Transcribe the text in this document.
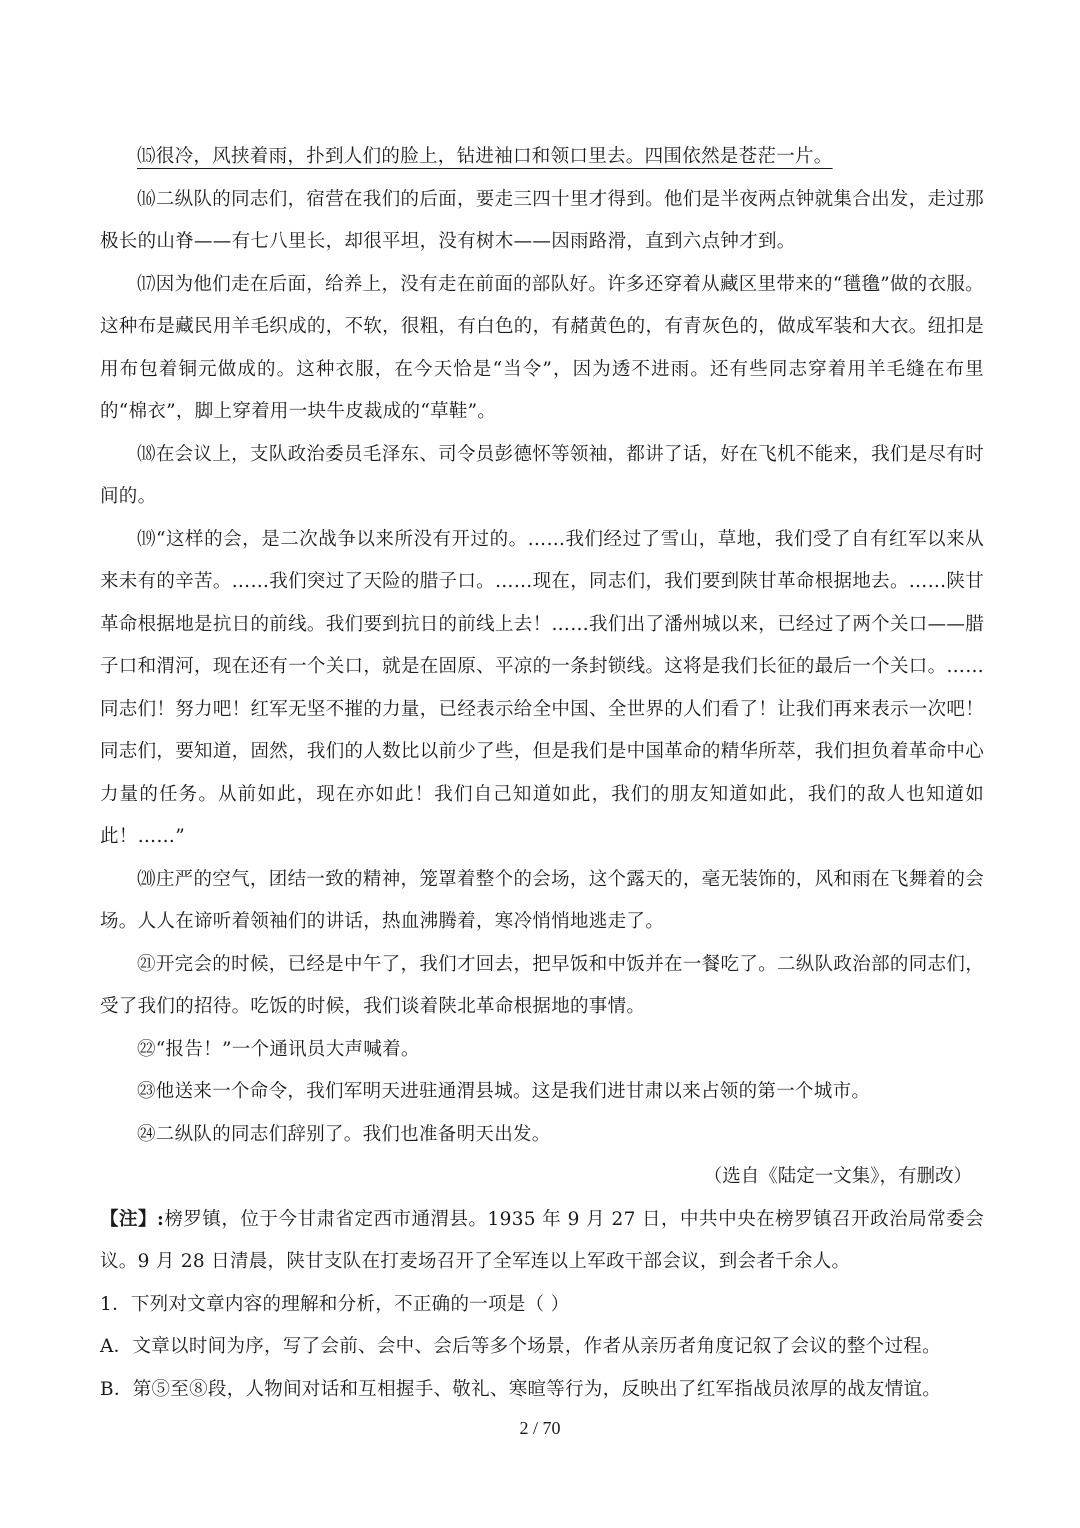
⒂很冷，风挟着雨，扑到人们的脸上，钻进袖口和领口里去。四围依然是苍茫一片。

⒃二纵队的同志们，宿营在我们的后面，要走三四十里才得到。他们是半夜两点钟就集合出发，走过那极长的山脊——有七八里长，却很平坦，没有树木——因雨路滑，直到六点钟才到。

⒄因为他们走在后面，给养上，没有走在前面的部队好。许多还穿着从藏区里带来的“氆氇”做的衣服。这种布是藏民用羊毛织成的，不软，很粗，有白色的，有赭黄色的，有青灰色的，做成军装和大衣。纽扣是用布包着铜元做成的。这种衣服，在今天恰是“当令”，因为透不进雨。还有些同志穿着用羊毛缝在布里的“棉衣”，脚上穿着用一块牛皮裁成的“草鞋”。

⒅在会议上，支队政治委员毛泽东、司令员彭德怀等领袖，都讲了话，好在飞机不能来，我们是尽有时间的。

⒆“这样的会，是二次战争以来所没有开过的。……我们经过了雪山，草地，我们受了自有红军以来从来未有的辛苦。……我们突过了天险的腊子口。……现在，同志们，我们要到陕甘革命根据地去。……陕甘革命根据地是抗日的前线。我们要到抗日的前线上去！……我们出了潘州城以来，已经过了两个关口——腊子口和渭河，现在还有一个关口，就是在固原、平凉的一条封锁线。这将是我们长征的最后一个关口。……同志们！努力吧！红军无坚不摧的力量，已经表示给全中国、全世界的人们看了！让我们再来表示一次吧！同志们，要知道，固然，我们的人数比以前少了些，但是我们是中国革命的精华所萃，我们担负着革命中心力量的任务。从前如此，现在亦如此！我们自己知道如此，我们的朋友知道如此，我们的敌人也知道如此！……”

⒇庄严的空气，团结一致的精神，笼罩着整个的会场，这个露天的，毫无装饰的，风和雨在飞舞着的会场。人人在谛听着领袖们的讲话，热血沸腾着，寒冷悄悄地逃走了。

㉑开完会的时候，已经是中午了，我们才回去，把早饭和中饭并在一餐吃了。二纵队政治部的同志们，受了我们的招待。吃饭的时候，我们谈着陕北革命根据地的事情。

㉒“报告！”一个通讯员大声喊着。

㉓他送来一个命令，我们军明天进驻通渭县城。这是我们进甘肃以来占领的第一个城市。

㉔二纵队的同志们辞别了。我们也准备明天出发。

（选自《陆定一文集》，有删改）

【注】:榜罗镇，位于今甘肃省定西市通渭县。1935 年 9 月 27 日，中共中央在榜罗镇召开政治局常委会议。9 月 28 日清晨，陕甘支队在打麦场召开了全军连以上军政干部会议，到会者千余人。

1．下列对文章内容的理解和分析，不正确的一项是（ ）

A．文章以时间为序，写了会前、会中、会后等多个场景，作者从亲历者角度记叙了会议的整个过程。

B．第⑤至⑧段，人物间对话和互相握手、敬礼、寒暄等行为，反映出了红军指战员浓厚的战友情谊。

2 / 70
